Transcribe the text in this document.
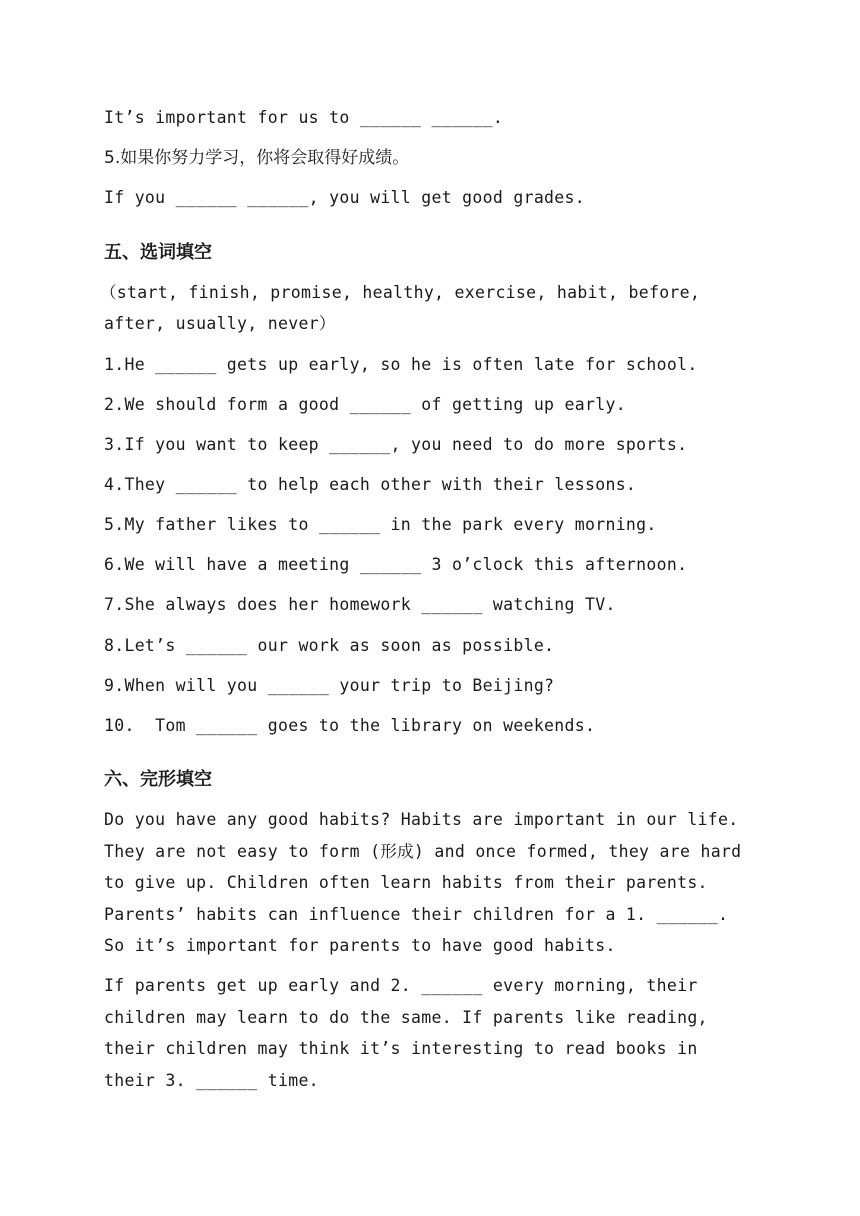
It’s important for us to ______ ______.
5.如果你努力学习，你将会取得好成绩。
If you ______ ______, you will get good grades.
五、选词填空
（start, finish, promise, healthy, exercise, habit, before,
after, usually, never）
1.He ______ gets up early, so he is often late for school.
2.We should form a good ______ of getting up early.
3.If you want to keep ______, you need to do more sports.
4.They ______ to help each other with their lessons.
5.My father likes to ______ in the park every morning.
6.We will have a meeting ______ 3 o’clock this afternoon.
7.She always does her homework ______ watching TV.
8.Let’s ______ our work as soon as possible.
9.When will you ______ your trip to Beijing?
10.  Tom ______ goes to the library on weekends.
六、完形填空
Do you have any good habits? Habits are important in our life.
They are not easy to form (形成) and once formed, they are hard
to give up. Children often learn habits from their parents.
Parents’ habits can influence their children for a 1. ______.
So it’s important for parents to have good habits.
If parents get up early and 2. ______ every morning, their
children may learn to do the same. If parents like reading,
their children may think it’s interesting to read books in
their 3. ______ time.
